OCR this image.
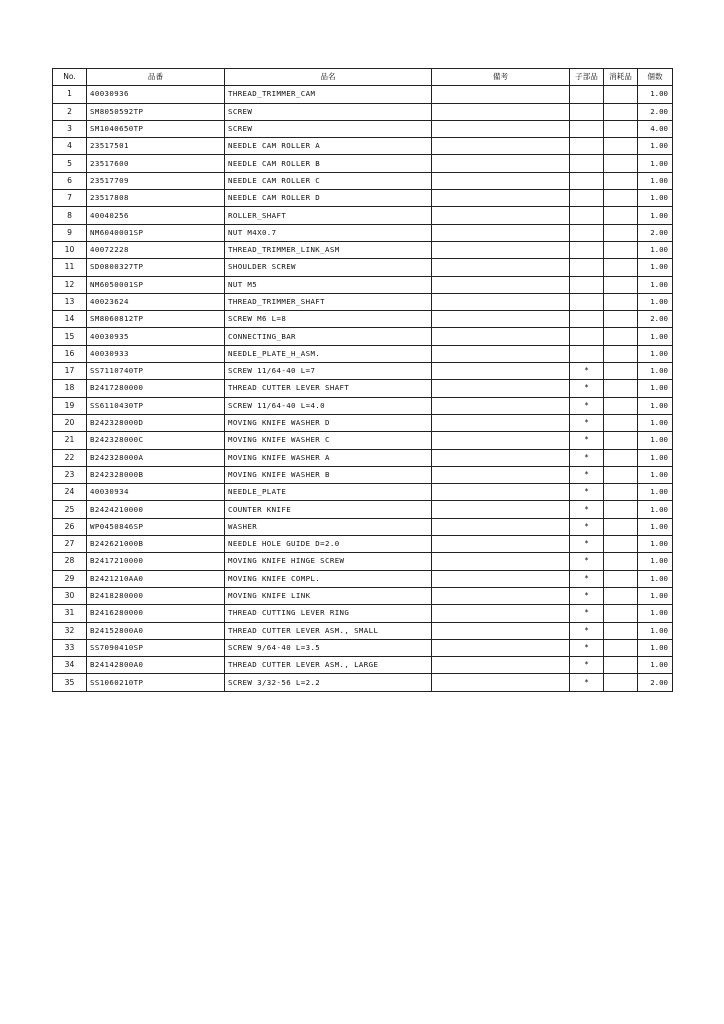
No.	品番	品名	備考	子部品	消耗品	個数
1	40030936	THREAD_TRIMMER_CAM				1.00
2	SM8050592TP	SCREW				2.00
3	SM1040650TP	SCREW				4.00
4	23517501	NEEDLE CAM ROLLER A				1.00
5	23517600	NEEDLE CAM ROLLER B				1.00
6	23517709	NEEDLE CAM ROLLER C				1.00
7	23517808	NEEDLE CAM ROLLER D				1.00
8	40040256	ROLLER_SHAFT				1.00
9	NM6040001SP	NUT M4X0.7				2.00
10	40072228	THREAD_TRIMMER_LINK_ASM				1.00
11	SD0800327TP	SHOULDER SCREW				1.00
12	NM6050001SP	NUT M5				1.00
13	40023624	THREAD_TRIMMER_SHAFT				1.00
14	SM8060812TP	SCREW M6 L=8				2.00
15	40030935	CONNECTING_BAR				1.00
16	40030933	NEEDLE_PLATE_H_ASM.				1.00
17	SS7110740TP	SCREW 11/64-40 L=7		*		1.00
18	B2417280000	THREAD CUTTER LEVER SHAFT		*		1.00
19	SS6110430TP	SCREW 11/64-40 L=4.0		*		1.00
20	B242328000D	MOVING KNIFE WASHER D		*		1.00
21	B242328000C	MOVING KNIFE WASHER C		*		1.00
22	B242328000A	MOVING KNIFE WASHER A		*		1.00
23	B242328000B	MOVING KNIFE WASHER B		*		1.00
24	40030934	NEEDLE_PLATE		*		1.00
25	B2424210000	COUNTER KNIFE		*		1.00
26	WP0450846SP	WASHER		*		1.00
27	B242621000B	NEEDLE HOLE GUIDE D=2.0		*		1.00
28	B2417210000	MOVING KNIFE HINGE SCREW		*		1.00
29	B2421210AA0	MOVING KNIFE COMPL.		*		1.00
30	B2418280000	MOVING KNIFE LINK		*		1.00
31	B2416280000	THREAD CUTTING LEVER RING		*		1.00
32	B24152800A0	THREAD CUTTER LEVER ASM., SMALL		*		1.00
33	SS7090410SP	SCREW 9/64-40 L=3.5		*		1.00
34	B24142800A0	THREAD CUTTER LEVER ASM., LARGE		*		1.00
35	SS1060210TP	SCREW 3/32-56 L=2.2		*		2.00
